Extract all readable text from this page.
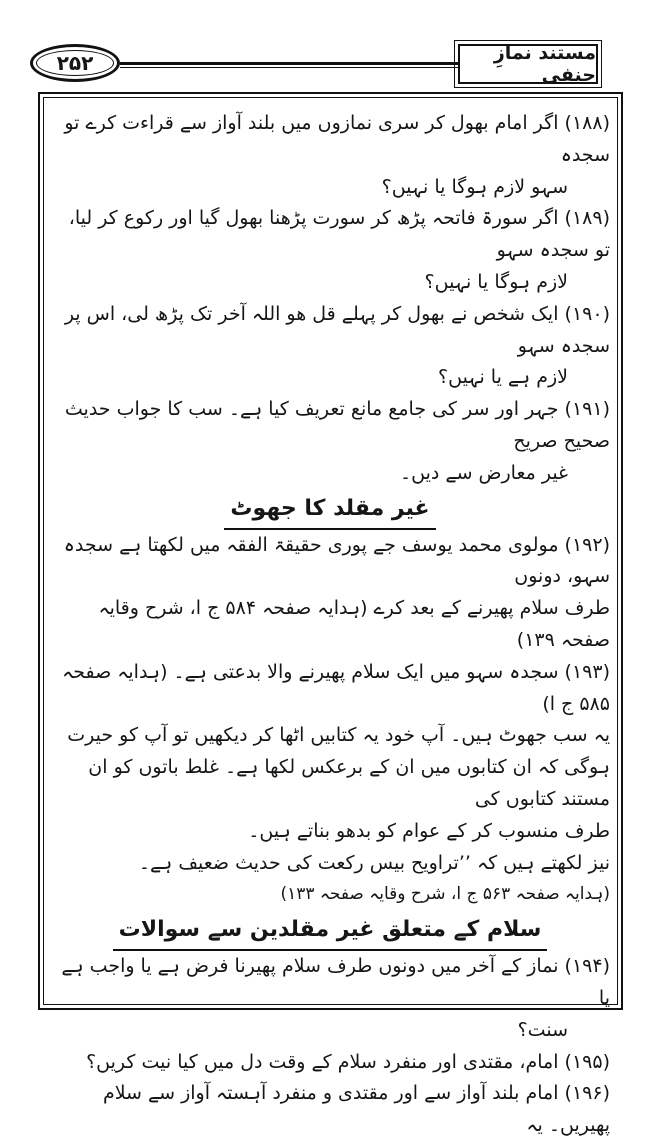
۲۵۲	مستند نمازِ حنفی

(۱۸۸) اگر امام بھول کر سری نمازوں میں بلند آواز سے قراءت کرے تو سجدہ

سہو لازم ہوگا یا نہیں؟

(۱۸۹) اگر سورۃ فاتحہ پڑھ کر سورت پڑھنا بھول گیا اور رکوع کر لیا، تو سجدہ سہو

لازم ہوگا یا نہیں؟

(۱۹۰) ایک شخص نے بھول کر پہلے قل ھو اللہ آخر تک پڑھ لی، اس پر سجدہ سہو

لازم ہے یا نہیں؟

(۱۹۱) جہر اور سر کی جامع مانع تعریف کیا ہے۔ سب کا جواب حدیث صحیح صریح

غیر معارض سے دیں۔

غیر مقلد کا جھوٹ

(۱۹۲) مولوی محمد یوسف جے پوری حقیقۃ الفقہ میں لکھتا ہے سجدہ سہو، دونوں

طرف سلام پھیرنے کے بعد کرے (ہدایہ صفحہ ۵۸۴ ج ا، شرح وقایہ صفحہ ۱۳۹)

(۱۹۳) سجدہ سہو میں ایک سلام پھیرنے والا بدعتی ہے۔ (ہدایہ صفحہ ۵۸۵ ج ا)

یہ سب جھوٹ ہیں۔ آپ خود یہ کتابیں اٹھا کر دیکھیں تو آپ کو حیرت

ہوگی کہ ان کتابوں میں ان کے برعکس لکھا ہے۔ غلط باتوں کو ان مستند کتابوں کی

طرف منسوب کر کے عوام کو بدھو بناتے ہیں۔

نیز لکھتے ہیں کہ ’’تراویح بیس رکعت کی حدیث ضعیف ہے۔

(ہدایہ صفحہ ۵۶۳ ج ا، شرح وقایہ صفحہ ۱۳۳)

سلام کے متعلق غیر مقلدین سے سوالات

(۱۹۴) نماز کے آخر میں دونوں طرف سلام پھیرنا فرض ہے یا واجب ہے یا

سنت؟

(۱۹۵) امام، مقتدی اور منفرد سلام کے وقت دل میں کیا نیت کریں؟

(۱۹۶) امام بلند آواز سے اور مقتدی و منفرد آہستہ آواز سے سلام پھیریں۔ یہ
